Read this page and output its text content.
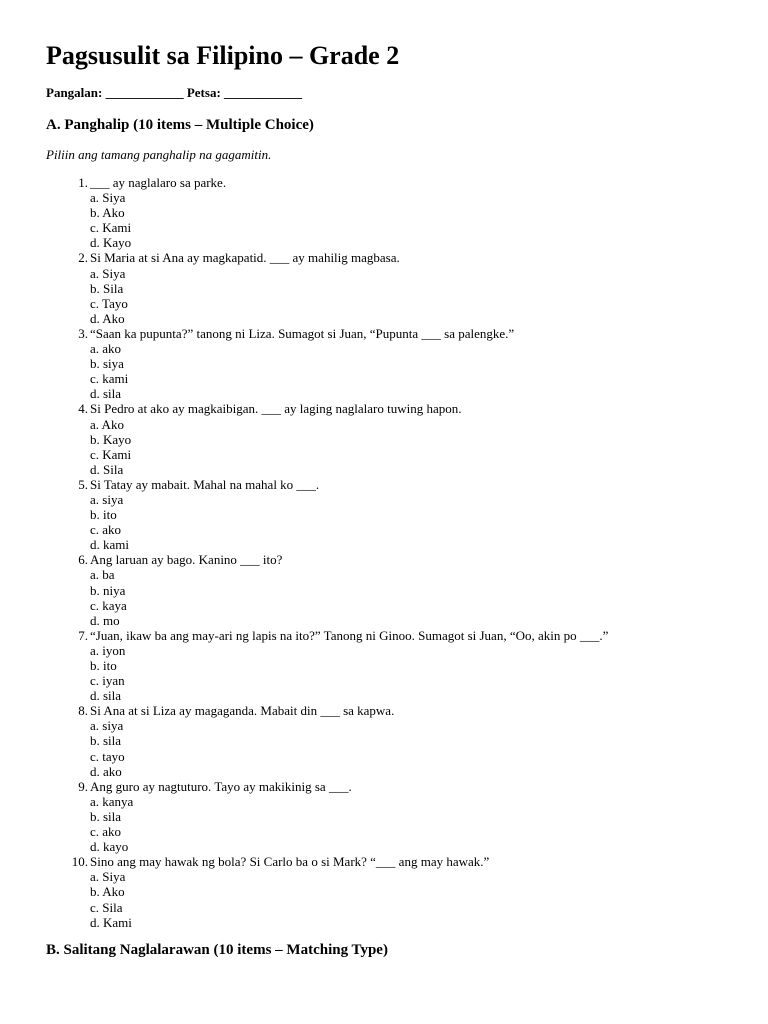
Pagsusulit sa Filipino – Grade 2
Pangalan: ____________ Petsa: ____________
A. Panghalip (10 items – Multiple Choice)
Piliin ang tamang panghalip na gagamitin.
1. ___ ay naglalaro sa parke.
a. Siya
b. Ako
c. Kami
d. Kayo
2. Si Maria at si Ana ay magkapatid. ___ ay mahilig magbasa.
a. Siya
b. Sila
c. Tayo
d. Ako
3. “Saan ka pupunta?” tanong ni Liza. Sumagot si Juan, “Pupunta ___ sa palengke.”
a. ako
b. siya
c. kami
d. sila
4. Si Pedro at ako ay magkaibigan. ___ ay laging naglalaro tuwing hapon.
a. Ako
b. Kayo
c. Kami
d. Sila
5. Si Tatay ay mabait. Mahal na mahal ko ___.
a. siya
b. ito
c. ako
d. kami
6. Ang laruan ay bago. Kanino ___ ito?
a. ba
b. niya
c. kaya
d. mo
7. “Juan, ikaw ba ang may-ari ng lapis na ito?” Tanong ni Ginoo. Sumagot si Juan, “Oo, akin po ___.”
a. iyon
b. ito
c. iyan
d. sila
8. Si Ana at si Liza ay magaganda. Mabait din ___ sa kapwa.
a. siya
b. sila
c. tayo
d. ako
9. Ang guro ay nagtuturo. Tayo ay makikinig sa ___.
a. kanya
b. sila
c. ako
d. kayo
10. Sino ang may hawak ng bola? Si Carlo ba o si Mark? “___ ang may hawak.”
a. Siya
b. Ako
c. Sila
d. Kami
B. Salitang Naglalarawan (10 items – Matching Type)
